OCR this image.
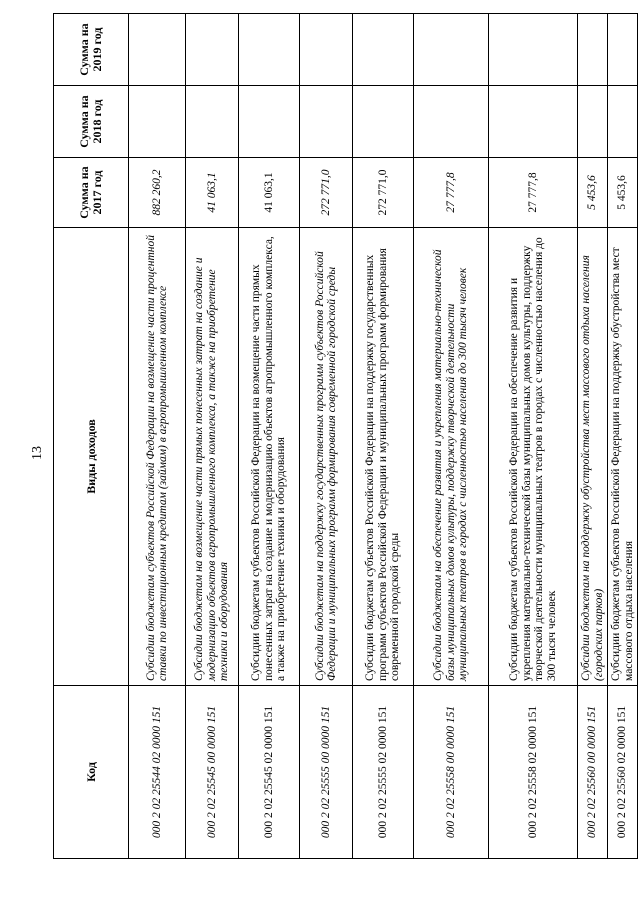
13
Код	Виды доходов	Сумма на 2017 год	Сумма на 2018 год	Сумма на 2019 год
000 2 02 25544 02 0000 151	Субсидии бюджетам субъектов Российской Федерации на возмещение части процентной ставки по инвестиционным кредитам (займам) в агропромышленном комплексе	882 260,2		
000 2 02 25545 00 0000 151	Субсидии бюджетам на возмещение части прямых понесенных затрат на создание и модернизацию объектов агропромышленного комплекса, а также на приобретение техники и оборудования	41 063,1		
000 2 02 25545 02 0000 151	Субсидии бюджетам субъектов Российской Федерации на возмещение части прямых понесенных затрат на создание и модернизацию объектов агропромышленного комплекса, а также на приобретение техники и оборудования	41 063,1		
000 2 02 25555 00 0000 151	Субсидии бюджетам на поддержку государственных программ субъектов Российской Федерации и муниципальных программ формирования современной городской среды	272 771,0		
000 2 02 25555 02 0000 151	Субсидии бюджетам субъектов Российской Федерации на поддержку государственных программ субъектов Российской Федерации и муниципальных программ формирования современной городской среды	272 771,0		
000 2 02 25558 00 0000 151	Субсидии бюджетам на обеспечение развития и укрепления материально-технической базы муниципальных домов культуры, поддержку творческой деятельности муниципальных театров в городах с численностью населения до 300 тысяч человек	27 777,8		
000 2 02 25558 02 0000 151	Субсидии бюджетам субъектов Российской Федерации на обеспечение развития и укрепления материально-технической базы муниципальных домов культуры, поддержку творческой деятельности муниципальных театров в городах с численностью населения до 300 тысяч человек	27 777,8		
000 2 02 25560 00 0000 151	Субсидии бюджетам на поддержку обустройства мест массового отдыха населения (городских парков)	5 453,6		
000 2 02 25560 02 0000 151	Субсидии бюджетам субъектов Российской Федерации на поддержку обустройства мест массового отдыха населения	5 453,6		
